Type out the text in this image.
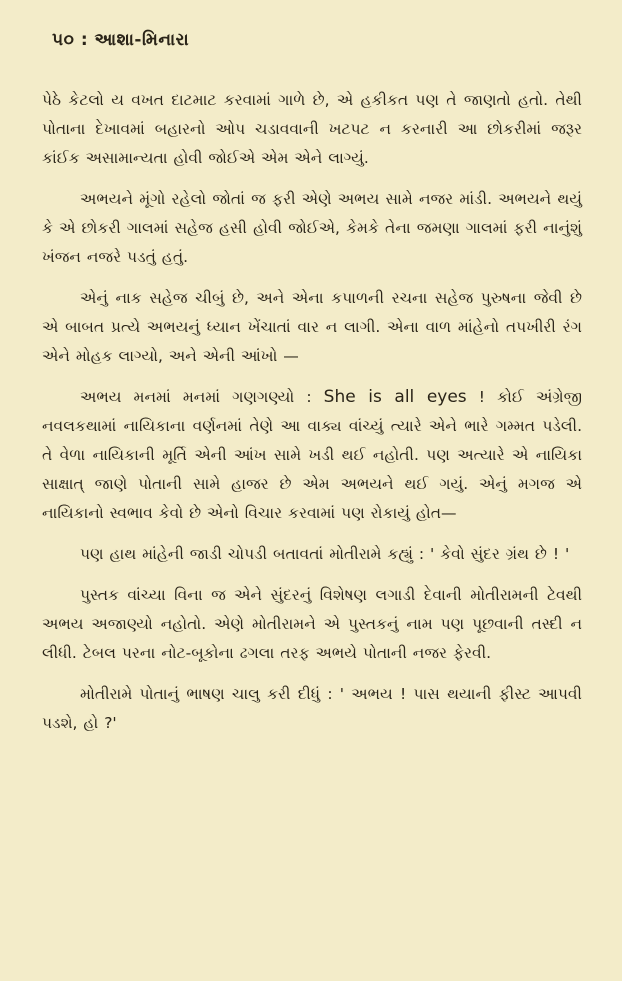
૫૦ : આશા-મિનારા

પેઠે કેટલો ય વખત દાટમાટ કરવામાં ગાળે છે, એ હકીકત પણ તે જાણતો હતો. તેથી પોતાના દેખાવમાં બહારનો ઓપ ચડાવવાની ખટપટ ન કરનારી આ છોકરીમાં જરૂર કાંઈક અસામાન્યતા હોવી જોઈએ એમ એને લાગ્યું.

અભયને મૂંગો રહેલો જોતાં જ ફરી એણે અભય સામે નજર માંડી. અભયને થયું કે એ છોકરી ગાલમાં સહેજ હસી હોવી જોઈએ, કેમકે તેના જમણા ગાલમાં ફરી નાનુંશું ખંજન નજરે પડતું હતું.

એનું નાક સહેજ ચીબું છે, અને એના કપાળની રચના સહેજ પુરુષના જેવી છે એ બાબત પ્રત્યે અભયનું ધ્યાન ખેંચાતાં વાર ન લાગી. એના વાળ માંહેનો તપખીરી રંગ એને મોહક લાગ્યો, અને એની આંખો —

અભય મનમાં મનમાં ગણગણ્યો : She is all eyes ! કોઈ અંગ્રેજી નવલકથામાં નાયિકાના વર્ણનમાં તેણે આ વાક્ય વાંચ્યું ત્યારે એને ભારે ગમ્મત પડેલી. તે વેળા નાયિકાની મૂર્તિ એની આંખ સામે ખડી થઈ નહોતી. પણ અત્યારે એ નાયિકા સાક્ષાત્ જાણે પોતાની સામે હાજર છે એમ અભયને થઈ ગયું. એનું મગજ એ નાયિકાનો સ્વભાવ કેવો છે એનો વિચાર કરવામાં પણ રોકાયું હોત—

પણ હાથ માંહેની જાડી ચોપડી બતાવતાં મોતીરામે કહ્યું : ' કેવો સુંદર ગ્રંથ છે ! '

પુસ્તક વાંચ્યા વિના જ એને સુંદરનું વિશેષણ લગાડી દેવાની મોતીરામની ટેવથી અભય અજાણ્યો નહોતો. એણે મોતીરામને એ પુસ્તકનું નામ પણ પૂછવાની તસ્દી ન લીધી. ટેબલ પરના નોટ-બૂકોના ઢગલા તરફ અભયે પોતાની નજર ફેરવી.

મોતીરામે પોતાનું ભાષણ ચાલુ કરી દીધું : ' અભય ! પાસ થયાની ફીસ્ટ આપવી પડશે, હો ?'
